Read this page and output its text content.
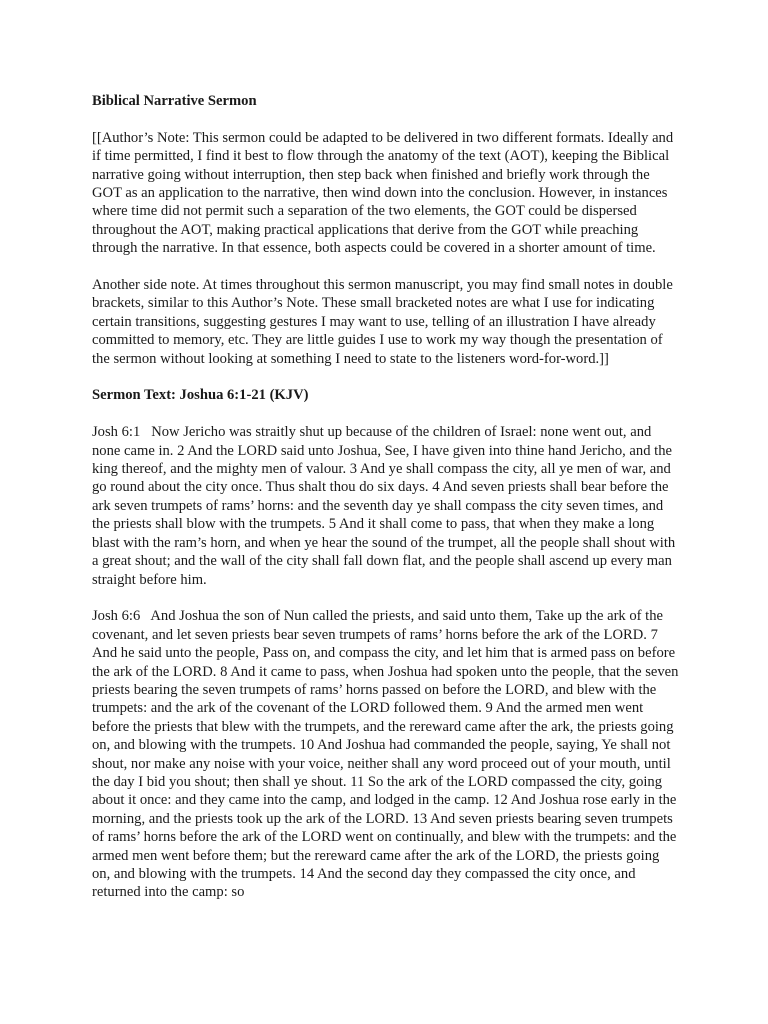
Biblical Narrative Sermon

[[Author’s Note: This sermon could be adapted to be delivered in two different formats. Ideally and if time permitted, I find it best to flow through the anatomy of the text (AOT), keeping the Biblical narrative going without interruption, then step back when finished and briefly work through the GOT as an application to the narrative, then wind down into the conclusion. However, in instances where time did not permit such a separation of the two elements, the GOT could be dispersed throughout the AOT, making practical applications that derive from the GOT while preaching through the narrative. In that essence, both aspects could be covered in a shorter amount of time.

Another side note. At times throughout this sermon manuscript, you may find small notes in double brackets, similar to this Author’s Note. These small bracketed notes are what I use for indicating certain transitions, suggesting gestures I may want to use, telling of an illustration I have already committed to memory, etc. They are little guides I use to work my way though the presentation of the sermon without looking at something I need to state to the listeners word-for-word.]]

Sermon Text: Joshua 6:1-21 (KJV)

Josh 6:1   Now Jericho was straitly shut up because of the children of Israel: none went out, and none came in. 2 And the LORD said unto Joshua, See, I have given into thine hand Jericho, and the king thereof, and the mighty men of valour. 3 And ye shall compass the city, all ye men of war, and go round about the city once. Thus shalt thou do six days. 4 And seven priests shall bear before the ark seven trumpets of rams’ horns: and the seventh day ye shall compass the city seven times, and the priests shall blow with the trumpets. 5 And it shall come to pass, that when they make a long blast with the ram’s horn, and when ye hear the sound of the trumpet, all the people shall shout with a great shout; and the wall of the city shall fall down flat, and the people shall ascend up every man straight before him.

Josh 6:6   And Joshua the son of Nun called the priests, and said unto them, Take up the ark of the covenant, and let seven priests bear seven trumpets of rams’ horns before the ark of the LORD. 7 And he said unto the people, Pass on, and compass the city, and let him that is armed pass on before the ark of the LORD. 8 And it came to pass, when Joshua had spoken unto the people, that the seven priests bearing the seven trumpets of rams’ horns passed on before the LORD, and blew with the trumpets: and the ark of the covenant of the LORD followed them. 9 And the armed men went before the priests that blew with the trumpets, and the rereward came after the ark, the priests going on, and blowing with the trumpets. 10 And Joshua had commanded the people, saying, Ye shall not shout, nor make any noise with your voice, neither shall any word proceed out of your mouth, until the day I bid you shout; then shall ye shout. 11 So the ark of the LORD compassed the city, going about it once: and they came into the camp, and lodged in the camp. 12 And Joshua rose early in the morning, and the priests took up the ark of the LORD. 13 And seven priests bearing seven trumpets of rams’ horns before the ark of the LORD went on continually, and blew with the trumpets: and the armed men went before them; but the rereward came after the ark of the LORD, the priests going on, and blowing with the trumpets. 14 And the second day they compassed the city once, and returned into the camp: so
